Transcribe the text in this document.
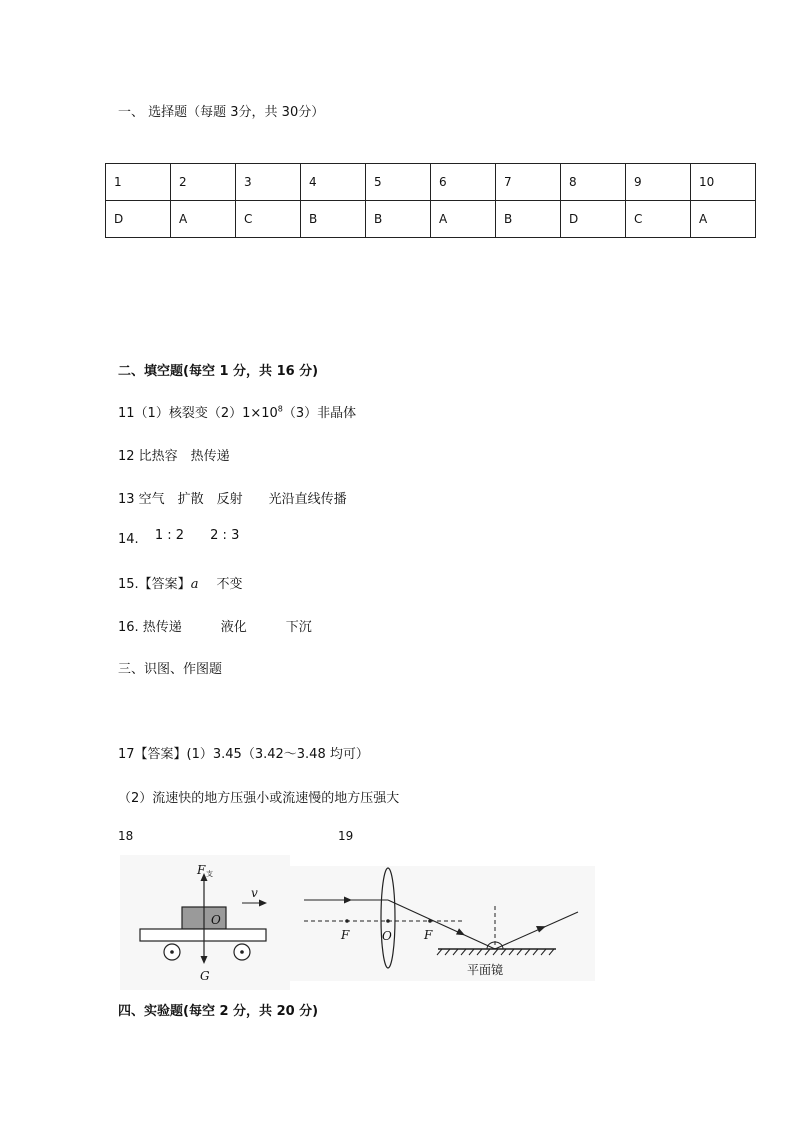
一、 选择题（每题 3分，共 30分）
1	2	3	4	5	6	7	8	9	10
D	A	C	B	B	A	B	D	C	A
二、填空题(每空 1 分，共 16 分)
11（1）核裂变$(2)1\times 10^8(3)$非晶体
12 比热容　热传递
13 空气　扩散　反射　　光沿直线传播
14. 1 : 2 2 : 3
15.【答案】a 不变
16. 热传递　　　液化　　　下沉
三、识图、作图题
17【答案】(1）3.45（3.42～3.48 均可）
（2）流速快的地方压强小或流速慢的地方压强大
18	19
F 支
v
O
G
F	O	F
平面镜
四、实验题(每空 2 分，共 20 分)
